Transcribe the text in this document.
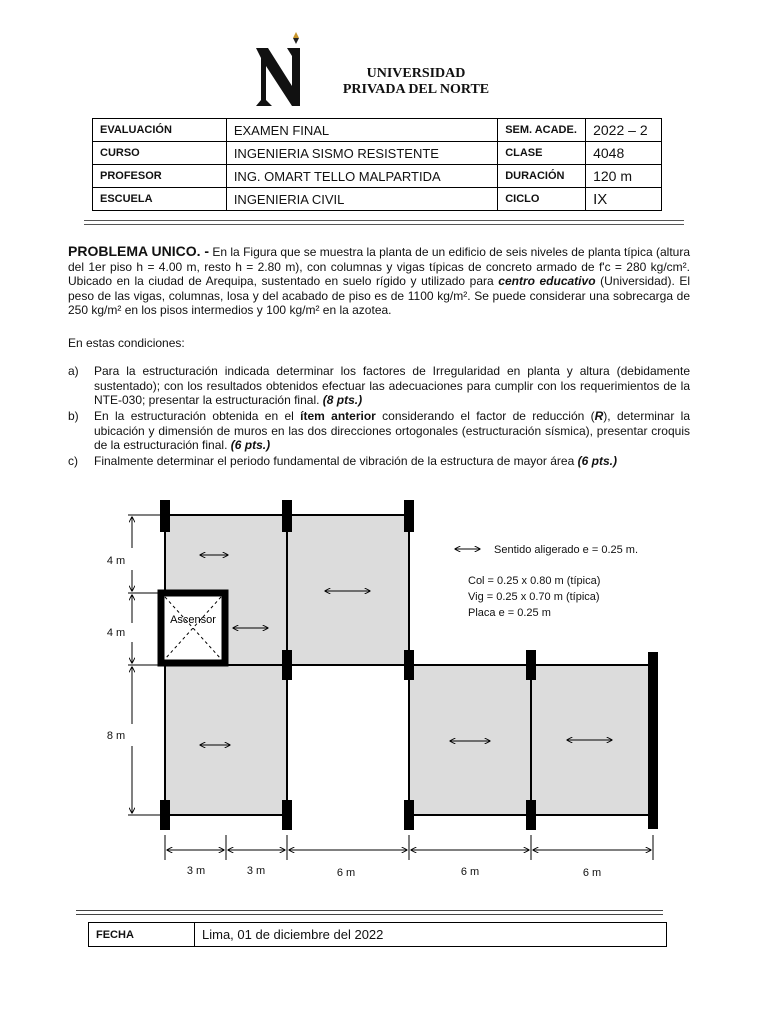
UNIVERSIDAD
PRIVADA DEL NORTE
EVALUACIÓN	EXAMEN FINAL	SEM. ACADE.	2022 – 2
CURSO	INGENIERIA SISMO RESISTENTE	CLASE	4048
PROFESOR	ING. OMART TELLO MALPARTIDA	DURACIÓN	120 m
ESCUELA	INGENIERIA CIVIL	CICLO	IX
PROBLEMA UNICO. - En la Figura que se muestra la planta de un edificio de seis niveles de planta típica (altura del 1er piso h = 4.00 m, resto h = 2.80 m), con columnas y vigas típicas de concreto armado de f'c = 280 kg/cm². Ubicado en la ciudad de Arequipa, sustentado en suelo rígido y utilizado para centro educativo (Universidad). El peso de las vigas, columnas, losa y del acabado de piso es de 1100 kg/m². Se puede considerar una sobrecarga de 250 kg/m² en los pisos intermedios y 100 kg/m² en la azotea.
En estas condiciones:
a) Para la estructuración indicada determinar los factores de Irregularidad en planta y altura (debidamente sustentado); con los resultados obtenidos efectuar las adecuaciones para cumplir con los requerimientos de la NTE-030; presentar la estructuración final. (8 pts.)
b) En la estructuración obtenida en el ítem anterior considerando el factor de reducción (R), determinar la ubicación y dimensión de muros en las dos direcciones ortogonales (estructuración sísmica), presentar croquis de la estructuración final. (6 pts.)
c) Finalmente determinar el periodo fundamental de vibración de la estructura de mayor área (6 pts.)
Ascensor
Sentido aligerado e = 0.25 m.
Col = 0.25 x 0.80 m (típica)
Vig = 0.25 x 0.70 m (típica)
Placa e = 0.25 m
4 m
4 m
8 m
3 m	3 m	6 m	6 m	6 m
FECHA	Lima, 01 de diciembre del 2022
